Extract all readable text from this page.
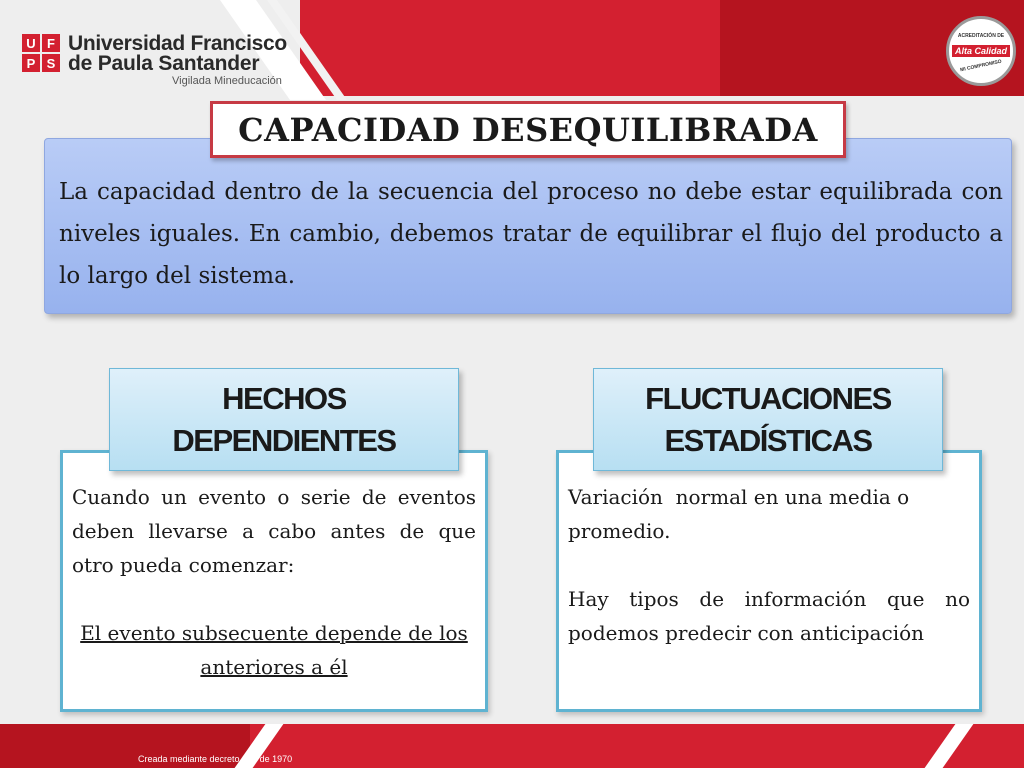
U F
P S
Universidad Francisco
de Paula Santander
Vigilada Mineducación
ACREDITACIÓN DE
Alta Calidad
MI COMPROMISO
CAPACIDAD DESEQUILIBRADA

La capacidad dentro de la secuencia del proceso no debe estar equilibrada con niveles iguales. En cambio, debemos tratar de equilibrar el flujo del producto a lo largo del sistema.

HECHOS
DEPENDIENTES
Cuando un evento o serie de eventos deben llevarse a cabo antes de que otro pueda comenzar:
El evento subsecuente depende de los anteriores a él
FLUCTUACIONES
ESTADÍSTICAS
Variación  normal en una media o promedio.
Hay tipos de información que no podemos predecir con anticipación
Creada mediante decreto 323 de 1970
